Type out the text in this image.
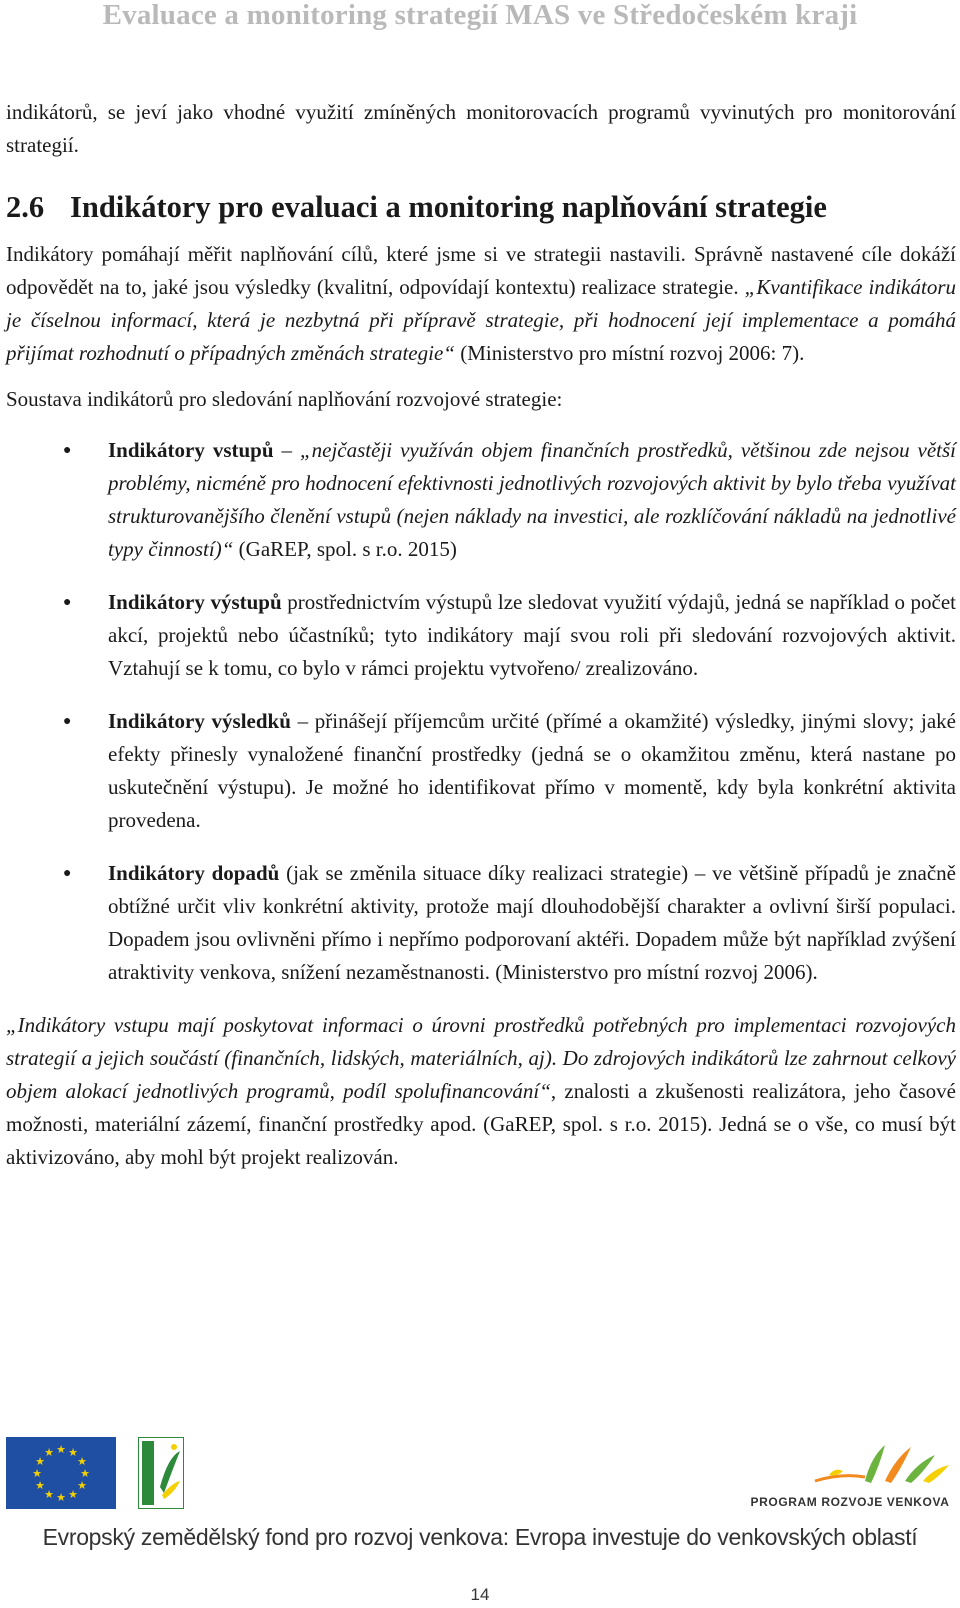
Evaluace a monitoring strategií MAS ve Středočeském kraji

indikátorů, se jeví jako vhodné využití zmíněných monitorovacích programů vyvinutých pro monitorování strategií.

2.6 Indikátory pro evaluaci a monitoring naplňování strategie

Indikátory pomáhají měřit naplňování cílů, které jsme si ve strategii nastavili. Správně nastavené cíle dokáží odpovědět na to, jaké jsou výsledky (kvalitní, odpovídají kontextu) realizace strategie. „Kvantifikace indikátoru je číselnou informací, která je nezbytná při přípravě strategie, při hodnocení její implementace a pomáhá přijímat rozhodnutí o případných změnách strategie“ (Ministerstvo pro místní rozvoj 2006: 7).

Soustava indikátorů pro sledování naplňování rozvojové strategie:

● Indikátory vstupů – „nejčastěji využíván objem finančních prostředků, většinou zde nejsou větší problémy, nicméně pro hodnocení efektivnosti jednotlivých rozvojových aktivit by bylo třeba využívat strukturovanějšího členění vstupů (nejen náklady na investici, ale rozklíčování nákladů na jednotlivé typy činností)“ (GaREP, spol. s r.o. 2015)
● Indikátory výstupů prostřednictvím výstupů lze sledovat využití výdajů, jedná se například o počet akcí, projektů nebo účastníků; tyto indikátory mají svou roli při sledování rozvojových aktivit. Vztahují se k tomu, co bylo v rámci projektu vytvořeno/ zrealizováno.
● Indikátory výsledků – přinášejí příjemcům určité (přímé a okamžité) výsledky, jinými slovy; jaké efekty přinesly vynaložené finanční prostředky (jedná se o okamžitou změnu, která nastane po uskutečnění výstupu). Je možné ho identifikovat přímo v momentě, kdy byla konkrétní aktivita provedena.
● Indikátory dopadů (jak se změnila situace díky realizaci strategie) – ve většině případů je značně obtížné určit vliv konkrétní aktivity, protože mají dlouhodobější charakter a ovlivní širší populaci. Dopadem jsou ovlivněni přímo i nepřímo podporovaní aktéři. Dopadem může být například zvýšení atraktivity venkova, snížení nezaměstnanosti. (Ministerstvo pro místní rozvoj 2006).

„Indikátory vstupu mají poskytovat informaci o úrovni prostředků potřebných pro implementaci rozvojových strategií a jejich součástí (finančních, lidských, materiálních, aj). Do zdrojových indikátorů lze zahrnout celkový objem alokací jednotlivých programů, podíl spolufinancování“, znalosti a zkušenosti realizátora, jeho časové možnosti, materiální zázemí, finanční prostředky apod. (GaREP, spol. s r.o. 2015). Jedná se o vše, co musí být aktivizováno, aby mohl být projekt realizován.

★ ★
★
★
★
★
★
★
★
★
★
★
PROGRAM ROZVOJE VENKOVA
Evropský zemědělský fond pro rozvoj venkova: Evropa investuje do venkovských oblastí
14
